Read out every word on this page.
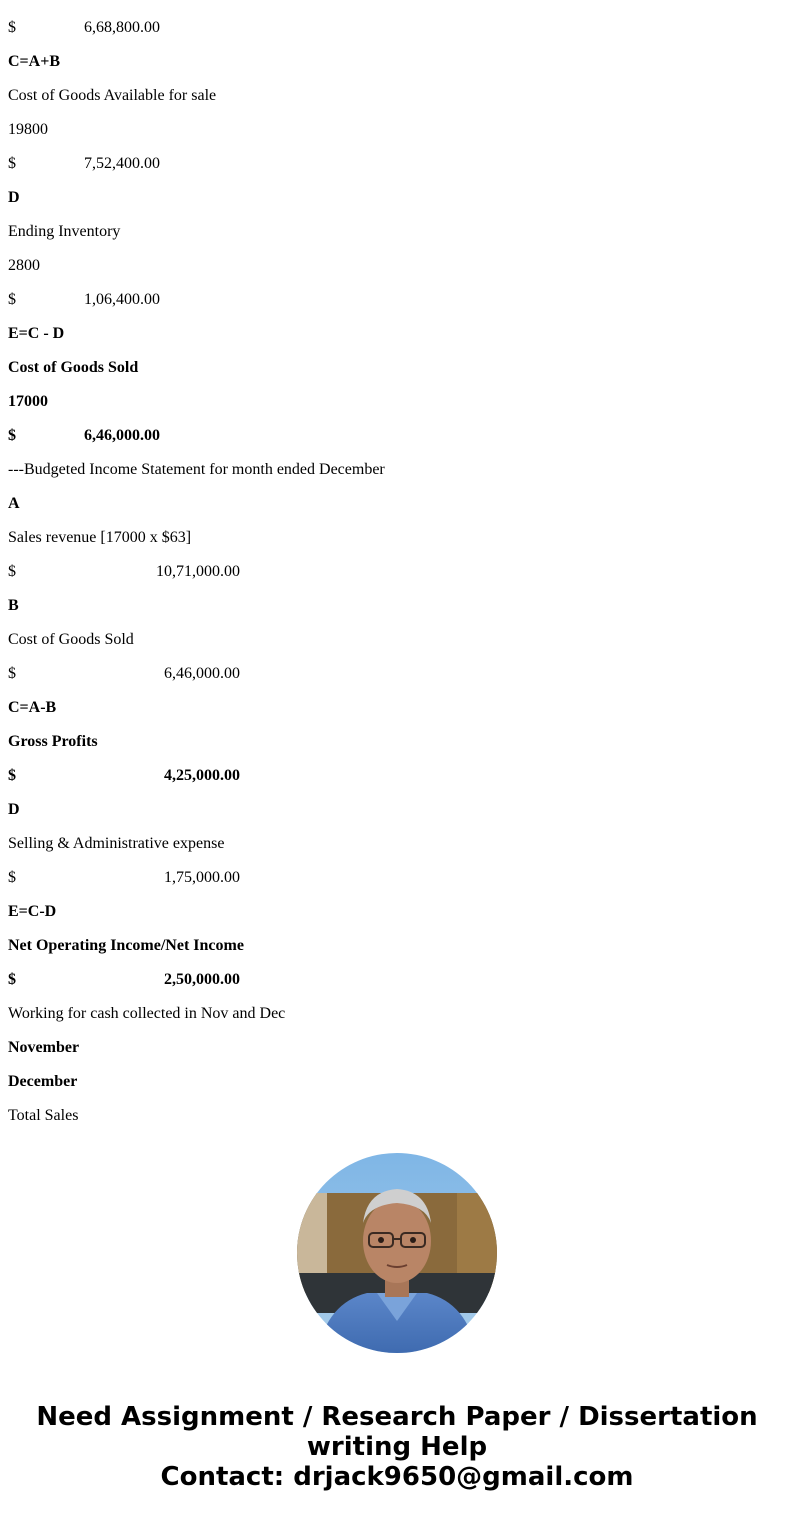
$	6,68,800.00
C=A+B
Cost of Goods Available for sale
19800
$	7,52,400.00
D
Ending Inventory
2800
$	1,06,400.00
E=C - D
Cost of Goods Sold
17000
$	6,46,000.00
---Budgeted Income Statement for month ended December
A
Sales revenue [17000 x $63]
$	10,71,000.00
B
Cost of Goods Sold
$	6,46,000.00
C=A-B
Gross Profits
$	4,25,000.00
D
Selling & Administrative expense
$	1,75,000.00
E=C-D
Net Operating Income/Net Income
$	2,50,000.00
Working for cash collected in Nov and Dec
November
December
Total Sales
Need Assignment / Research Paper / Dissertation
writing Help
Contact: drjack9650@gmail.com
